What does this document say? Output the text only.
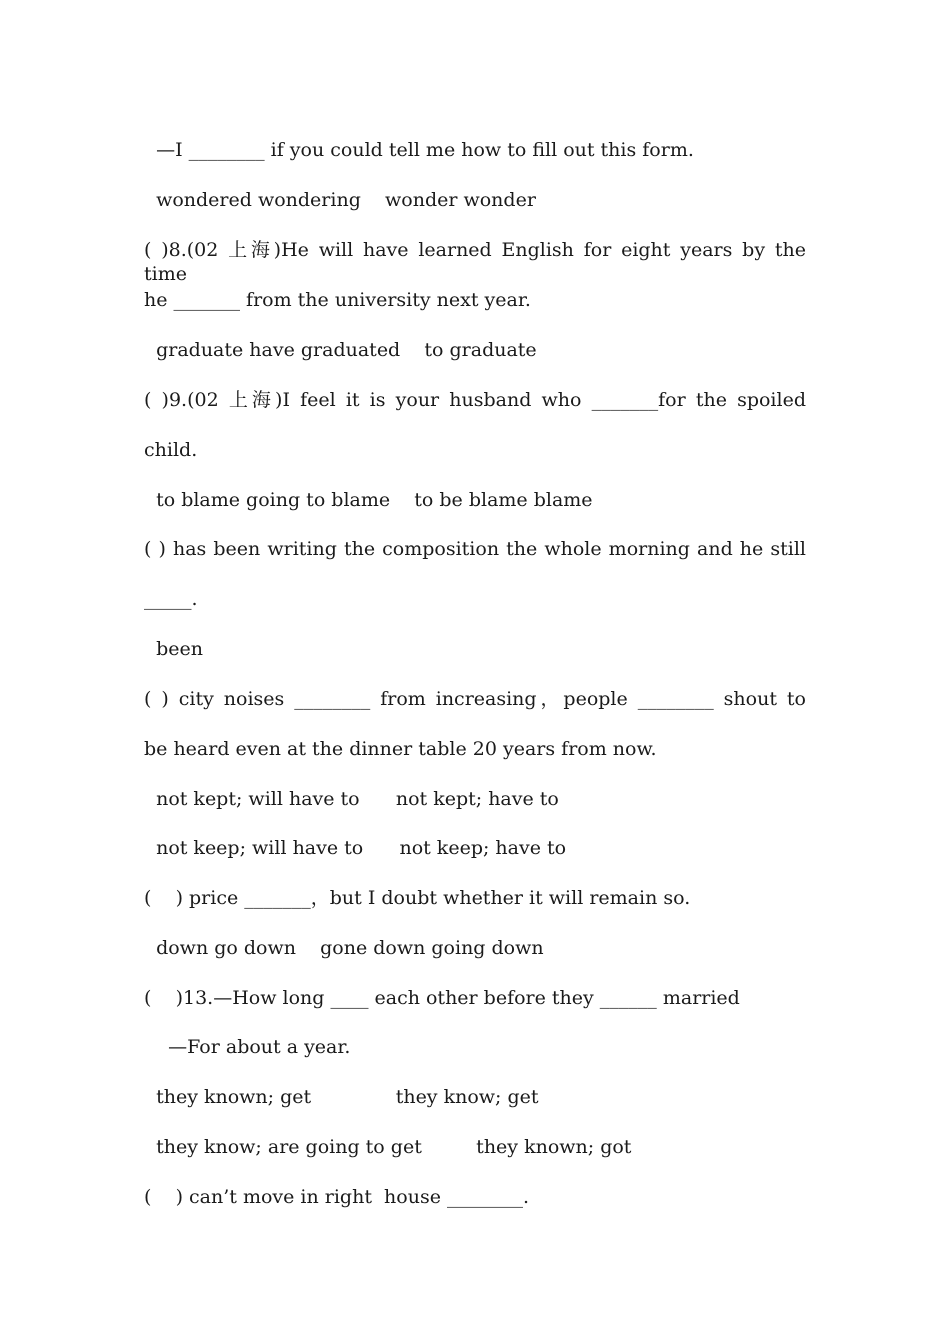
—I ________ if you could tell me how to fill out this form.
wondered wondering    wonder wonder
( )8.(02 上海)He will have learned English for eight years by the time
he _______ from the university next year.
graduate have graduated    to graduate
( )9.(02 上海)I feel it is your husband who _______for the spoiled
child.
to blame going to blame    to be blame blame
( ) has been writing the composition the whole morning and he still
_____.
been
( ) city noises ________ from increasing，people ________ shout to
be heard even at the dinner table 20 years from now.
not kept; will have to      not kept; have to
not keep; will have to      not keep; have to
(    ) price _______，but I doubt whether it will remain so.
down go down    gone down going down
(    )13.—How long ____ each other before they ______ married
—For about a year.
they known; get              they know; get
they know; are going to get         they known; got
(    ) can’t move in right  house ________.
